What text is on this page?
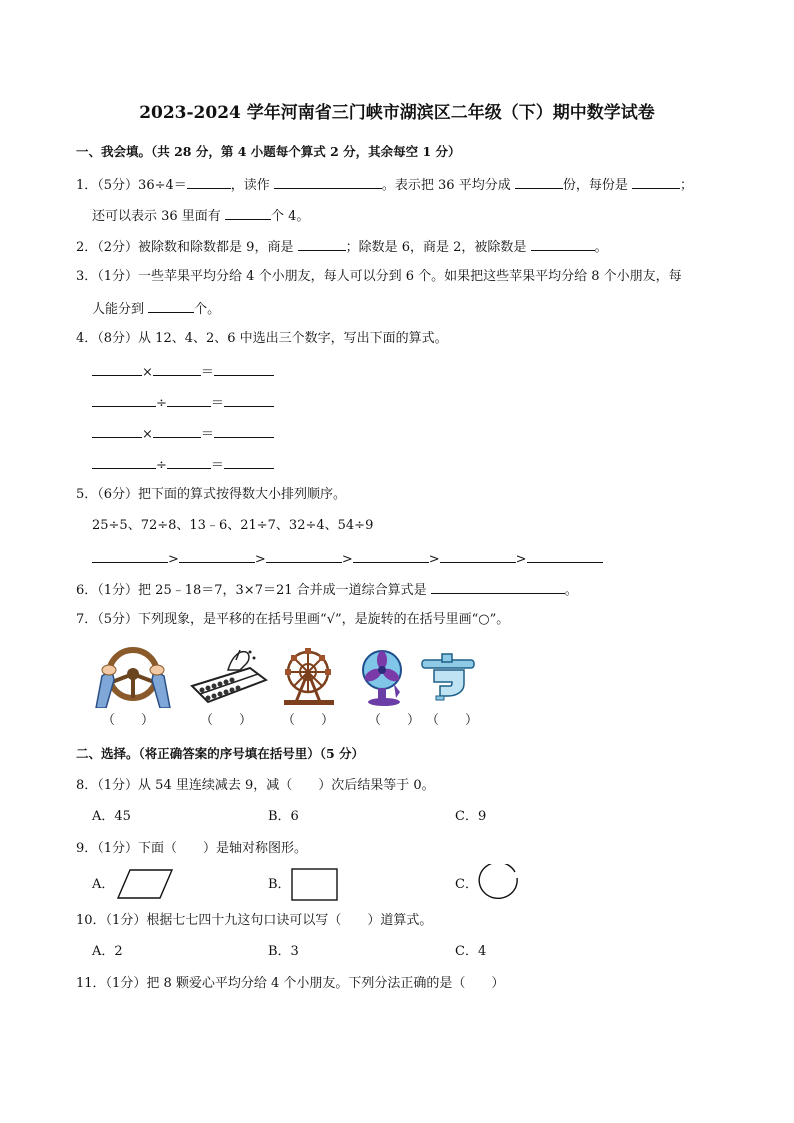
2023-2024 学年河南省三门峡市湖滨区二年级（下）期中数学试卷
一、我会填。（共 28 分，第 4 小题每个算式 2 分，其余每空 1 分）
1．（5分）36÷4＝	，读作	。表示把 36 平均分成	份，每份是	；
还可以表示 36 里面有	个 4。
2．（2分）被除数和除数都是 9，商是	；除数是 6，商是 2，被除数是	。
3．（1分）一些苹果平均分给 4 个小朋友，每人可以分到 6 个。如果把这些苹果平均分给 8 个小朋友，每
人能分到	个。
4．（8分）从 12、4、2、6 中选出三个数字，写出下面的算式。
×	＝
÷	＝
×	＝
÷	＝
5．（6分）把下面的算式按得数大小排列顺序。
25÷5、72÷8、13﹣6、21÷7、32÷4、54÷9
>	>	>	>	>
6．（1分）把 25﹣18＝7，3×7＝21 合并成一道综合算式是	。
7．（5分）下列现象，是平移的在括号里画“√”，是旋转的在括号里画“○”。
（　　）	（　　） （　　）	（　　） （　　）
二、选择。（将正确答案的序号填在括号里）（5 分）
8．（1分）从 54 里连续减去 9，减（　　）次后结果等于 0。
A．45	B．6	C．9
9．（1分）下面（　　）是轴对称图形。
A．	B．	C．
10．（1分）根据七七四十九这句口诀可以写（　　）道算式。
A．2	B．3	C．4
11．（1分）把 8 颗爱心平均分给 4 个小朋友。下列分法正确的是（　　）
